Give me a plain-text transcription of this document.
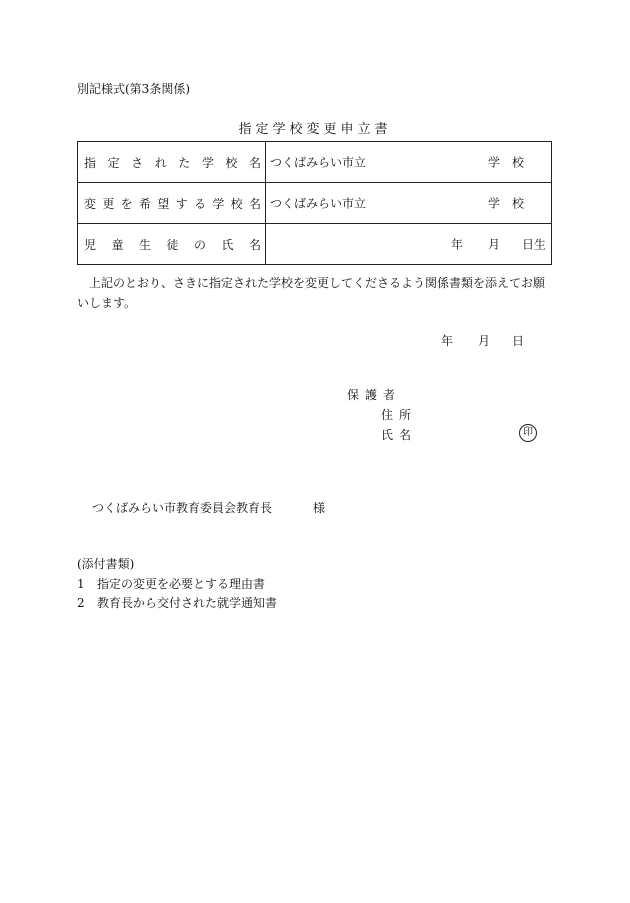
別記様式(第3条関係)
指定学校変更申立書
指定された学校名	つくばみらい市立 学　校

変更を希望する学校名	つくばみらい市立 学　校

児童生徒の氏名	年 月 日生
上記のとおり、さきに指定された学校を変更してくださるよう関係書類を添えてお願いします。
年 月 日
保護者
住所
氏名	印
つくばみらい市教育委員会教育長	様
(添付書類)
1 指定の変更を必要とする理由書
2 教育長から交付された就学通知書
